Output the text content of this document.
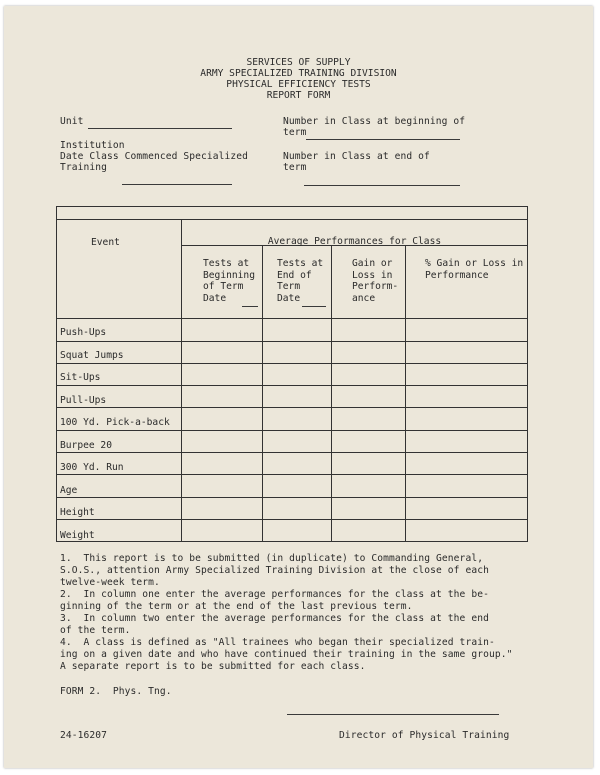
SERVICES OF SUPPLY
ARMY SPECIALIZED TRAINING DIVISION
PHYSICAL EFFICIENCY TESTS
REPORT FORM
Unit
Institution
Date Class Commenced Specialized
Training
Number in Class at beginning of
term
Number in Class at end of
term
Event	Average Performances for Class
Tests at
Beginning
of Term
Date
Tests at
End of
Term
Date
Gain or
Loss in
Perform-
ance
% Gain or Loss in
Performance
Push-Ups
Squat Jumps
Sit-Ups
Pull-Ups
100 Yd. Pick-a-back
Burpee 20
300 Yd. Run
Age
Height
Weight
1.  This report is to be submitted (in duplicate) to Commanding General,
S.O.S., attention Army Specialized Training Division at the close of each
twelve-week term.
2.  In column one enter the average performances for the class at the be-
ginning of the term or at the end of the last previous term.
3.  In column two enter the average performances for the class at the end
of the term.
4.  A class is defined as "All trainees who began their specialized train-
ing on a given date and who have continued their training in the same group."
A separate report is to be submitted for each class.
FORM 2.  Phys. Tng.
24-16207	Director of Physical Training
